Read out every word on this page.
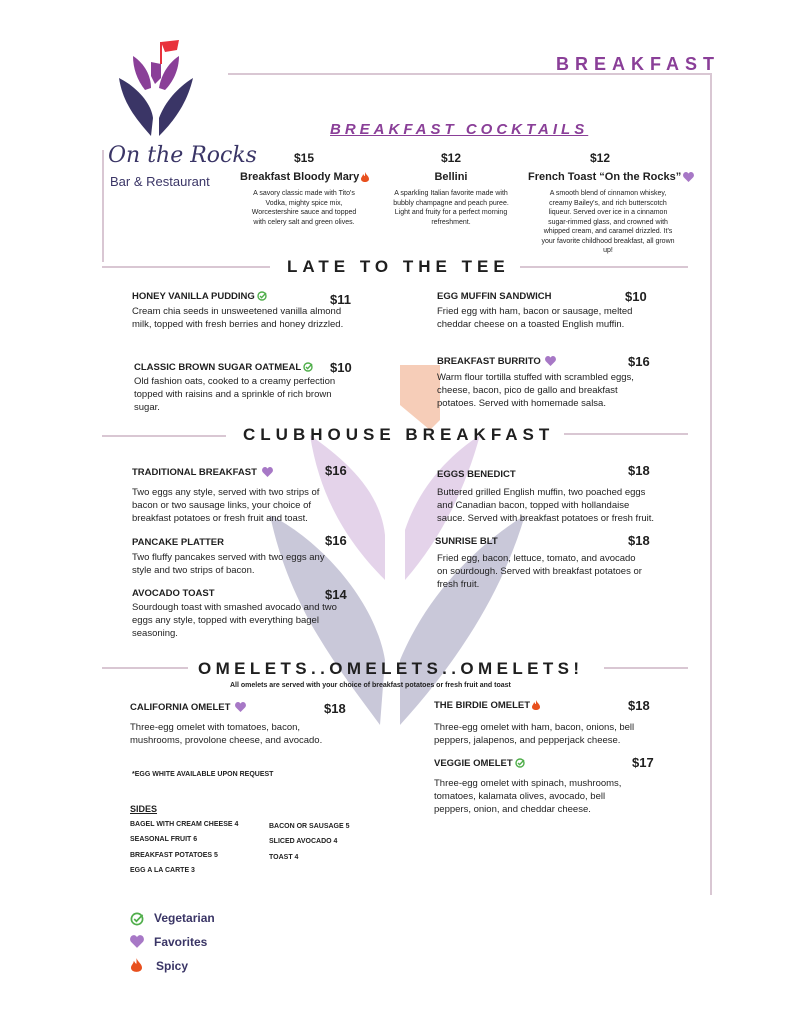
On the Rocks
Bar & Restaurant
BREAKFAST
BREAKFAST COCKTAILS
$15
Breakfast Bloody Mary
A savory classic made with Tito's Vodka, mighty spice mix, Worcestershire sauce and topped with celery salt and green olives.
$12
Bellini
A sparkling Italian favorite made with bubbly champagne and peach puree. Light and fruity for a perfect morning refreshment.
$12
French Toast “On the Rocks”
A smooth blend of cinnamon whiskey, creamy Bailey's, and rich butterscotch liqueur. Served over ice in a cinnamon sugar-rimmed glass, and crowned with whipped cream, and caramel drizzled. It's your favorite childhood breakfast, all grown up!
LATE TO THE TEE
HONEY VANILLA PUDDING	$11
Cream chia seeds in unsweetened vanilla almond milk, topped with fresh berries and honey drizzled.
CLASSIC BROWN SUGAR OATMEAL	$10
Old fashion oats, cooked to a creamy perfection topped with raisins and a sprinkle of rich brown sugar.
EGG MUFFIN SANDWICH	$10
Fried egg with ham, bacon or sausage, melted cheddar cheese on a toasted English muffin.
BREAKFAST BURRITO	$16
Warm flour tortilla stuffed with scrambled eggs, cheese, bacon, pico de gallo and breakfast potatoes. Served with homemade salsa.
CLUBHOUSE BREAKFAST
TRADITIONAL BREAKFAST	$16
Two eggs any style, served with two strips of bacon or two sausage links, your choice of breakfast potatoes or fresh fruit and toast.
PANCAKE PLATTER	$16
Two fluffy pancakes served with two eggs any style and two strips of bacon.
AVOCADO TOAST	$14
Sourdough toast with smashed avocado and two eggs any style, topped with everything bagel seasoning.
EGGS BENEDICT	$18
Buttered grilled English muffin, two poached eggs and Canadian bacon, topped with hollandaise sauce. Served with breakfast potatoes or fresh fruit.
SUNRISE BLT	$18
Fried egg, bacon, lettuce, tomato, and avocado on sourdough. Served with breakfast potatoes or fresh fruit.
OMELETS..OMELETS..OMELETS!
All omelets are served with your choice of breakfast potatoes or fresh fruit and toast
CALIFORNIA OMELET	$18
Three-egg omelet with tomatoes, bacon, mushrooms, provolone cheese, and avocado.
*EGG WHITE AVAILABLE UPON REQUEST
THE BIRDIE OMELET	$18
Three-egg omelet with ham, bacon, onions, bell peppers, jalapenos, and pepperjack cheese.
VEGGIE OMELET	$17
Three-egg omelet with spinach, mushrooms, tomatoes, kalamata olives, avocado, bell peppers, onion, and cheddar cheese.
SIDES
BAGEL WITH CREAM CHEESE 4
SEASONAL FRUIT 6
BREAKFAST POTATOES 5
EGG A LA CARTE 3
BACON OR SAUSAGE 5
SLICED AVOCADO 4
TOAST 4
Vegetarian
Favorites
Spicy
